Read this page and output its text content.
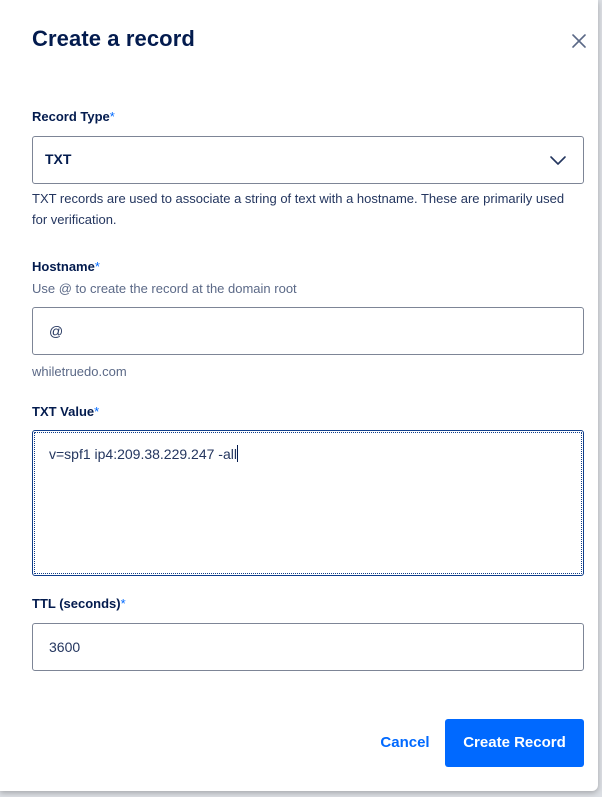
Create a record
Record Type*
TXT
TXT records are used to associate a string of text with a hostname. These are primarily used for verification.
Hostname*
Use @ to create the record at the domain root
@
whiletruedo.com
TXT Value*
v=spf1 ip4:209.38.229.247 -all
TTL (seconds)*
3600
Cancel	Create Record
